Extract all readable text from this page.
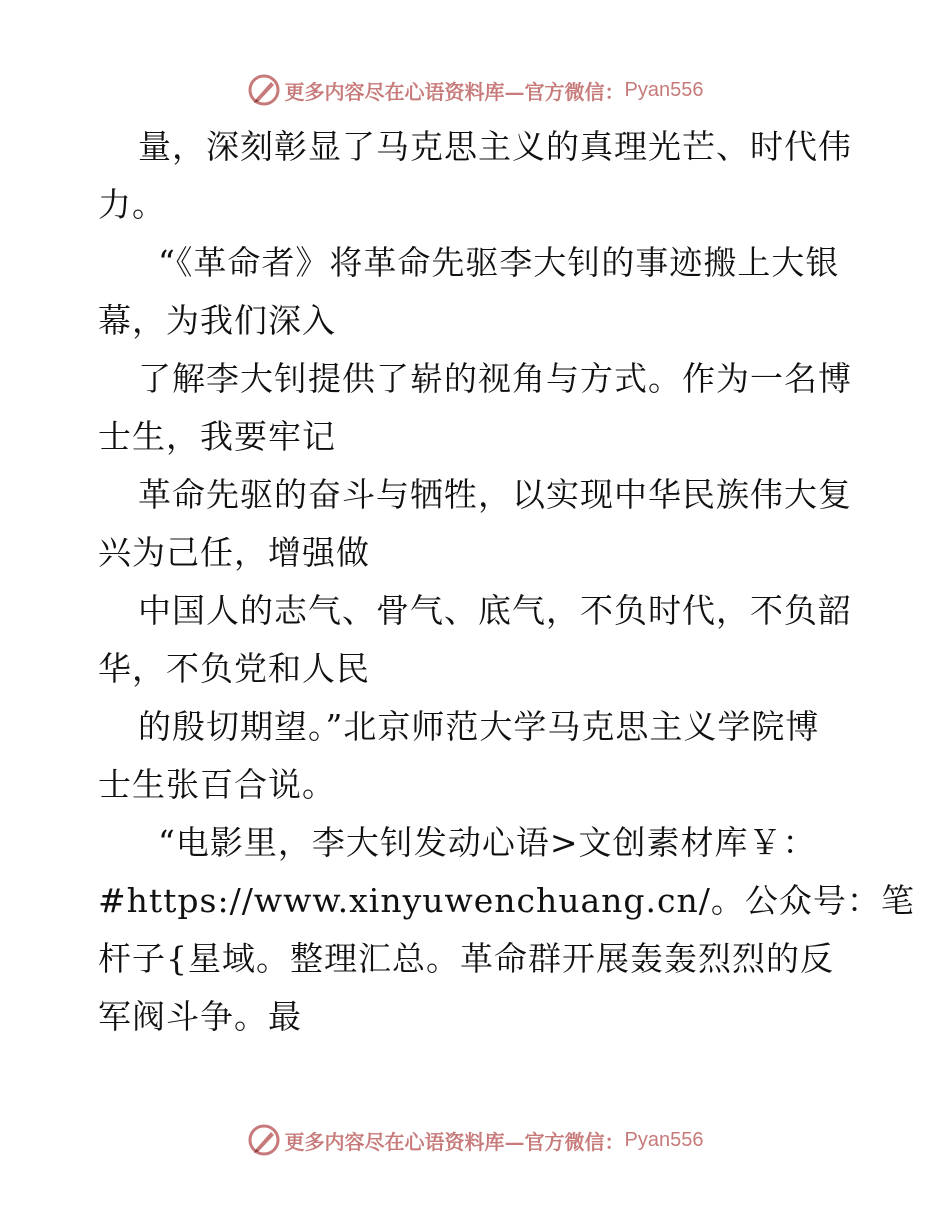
更多内容尽在心语资料库—官方微信： Pyan556
量，深刻彰显了马克思主义的真理光芒、时代伟
力。
“《革命者》将革命先驱李大钊的事迹搬上大银
幕，为我们深入
了解李大钊提供了崭的视角与方式。作为一名博
士生，我要牢记
革命先驱的奋斗与牺牲，以实现中华民族伟大复
兴为己任，增强做
中国人的志气、骨气、底气，不负时代，不负韶
华，不负党和人民
的殷切期望。”北京师范大学马克思主义学院博
士生张百合说。
“电影里，李大钊发动心语>文创素材库￥：
#https://www.xinyuwenchuang.cn/。公众号：笔
杆子{星域。整理汇总。革命群开展轰轰烈烈的反
军阀斗争。最
更多内容尽在心语资料库—官方微信： Pyan556
